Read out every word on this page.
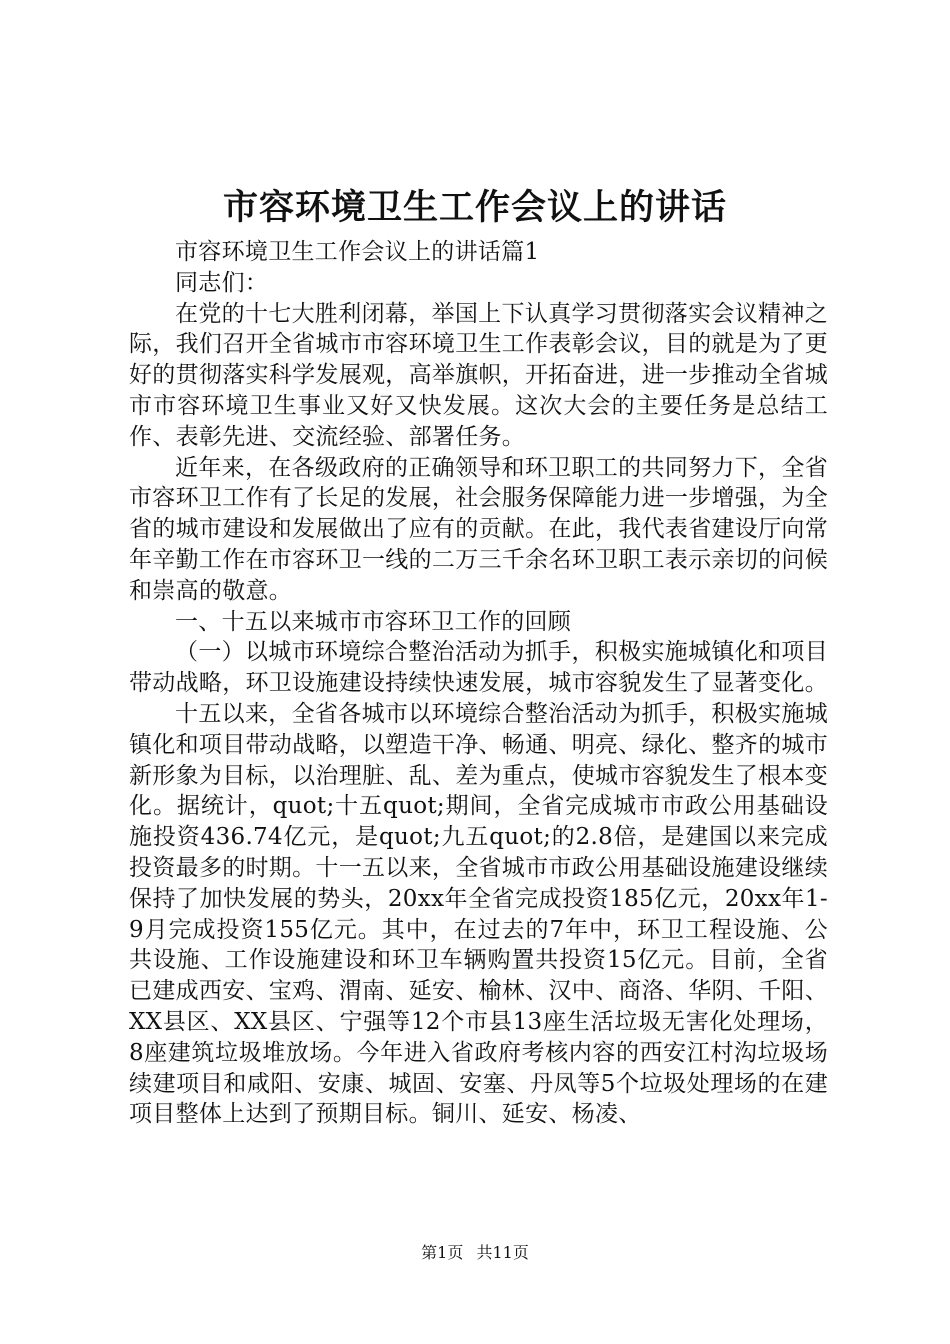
市容环境卫生工作会议上的讲话

市容环境卫生工作会议上的讲话篇1

同志们：

在党的十七大胜利闭幕，举国上下认真学习贯彻落实会议精神之际，我们召开全省城市市容环境卫生工作表彰会议，目的就是为了更好的贯彻落实科学发展观，高举旗帜，开拓奋进，进一步推动全省城市市容环境卫生事业又好又快发展。这次大会的主要任务是总结工作、表彰先进、交流经验、部署任务。

近年来，在各级政府的正确领导和环卫职工的共同努力下，全省市容环卫工作有了长足的发展，社会服务保障能力进一步增强，为全省的城市建设和发展做出了应有的贡献。在此，我代表省建设厅向常年辛勤工作在市容环卫一线的二万三千余名环卫职工表示亲切的问候和崇高的敬意。

一、十五以来城市市容环卫工作的回顾

（一）以城市环境综合整治活动为抓手，积极实施城镇化和项目带动战略，环卫设施建设持续快速发展，城市容貌发生了显著变化。

十五以来，全省各城市以环境综合整治活动为抓手，积极实施城镇化和项目带动战略，以塑造干净、畅通、明亮、绿化、整齐的城市新形象为目标，以治理脏、乱、差为重点，使城市容貌发生了根本变化。据统计，quot;十五quot;期间，全省完成城市市政公用基础设施投资436.74亿元，是quot;九五quot;的2.8倍，是建国以来完成投资最多的时期。十一五以来，全省城市市政公用基础设施建设继续保持了加快发展的势头，20xx年全省完成投资185亿元，20xx年1-9月完成投资155亿元。其中，在过去的7年中，环卫工程设施、公共设施、工作设施建设和环卫车辆购置共投资15亿元。目前，全省已建成西安、宝鸡、渭南、延安、榆林、汉中、商洛、华阴、千阳、XX县区、XX县区、宁强等12个市县13座生活垃圾无害化处理场，8座建筑垃圾堆放场。今年进入省政府考核内容的西安江村沟垃圾场续建项目和咸阳、安康、城固、安塞、丹凤等5个垃圾处理场的在建项目整体上达到了预期目标。铜川、延安、杨凌、

第1页 共11页
